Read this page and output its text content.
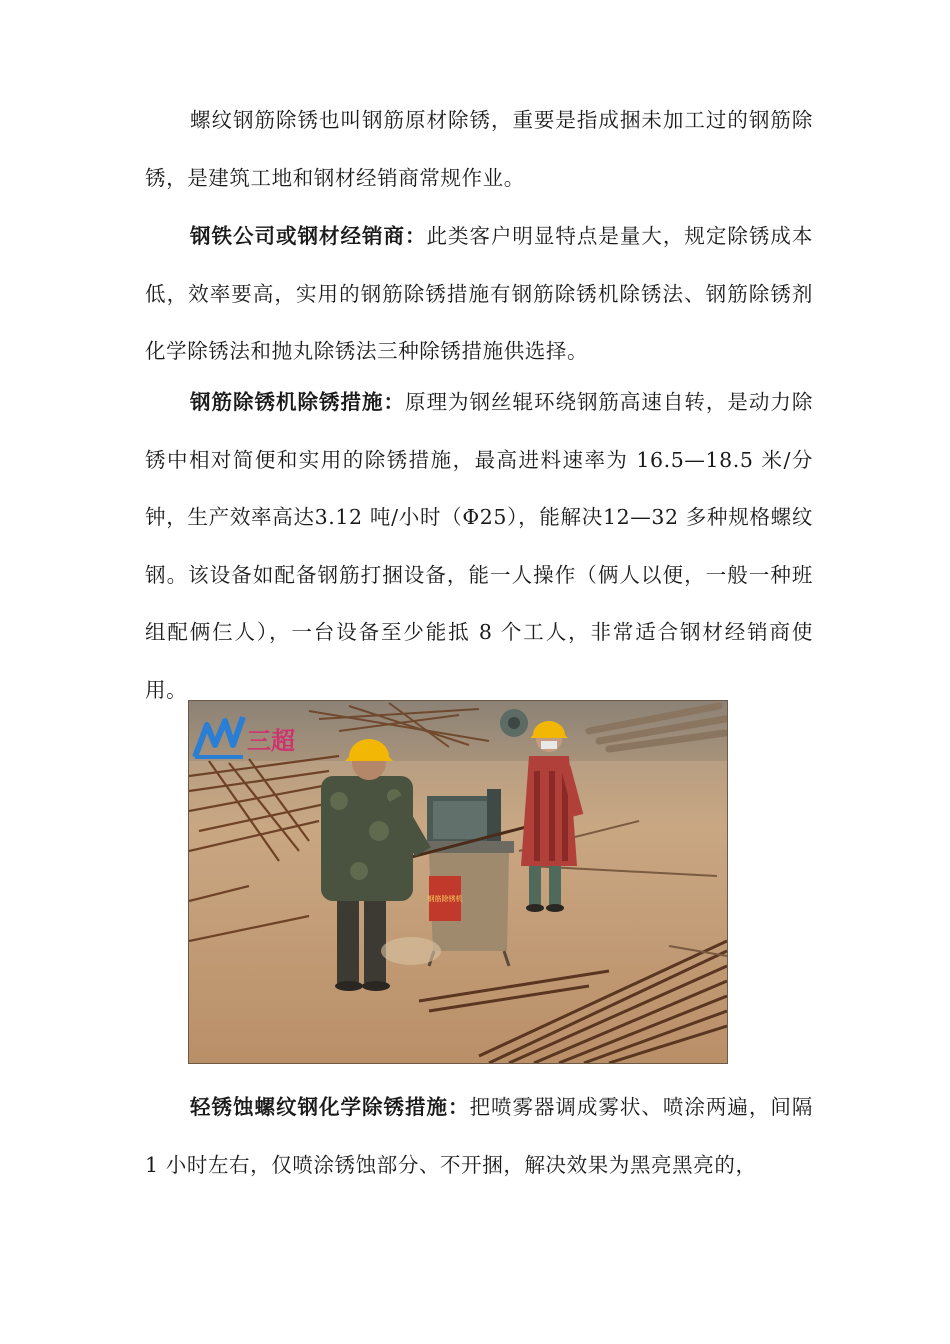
螺纹钢筋除锈也叫钢筋原材除锈，重要是指成捆未加工过的钢筋除锈，是建筑工地和钢材经销商常规作业。

钢铁公司或钢材经销商：此类客户明显特点是量大，规定除锈成本低，效率要高，实用的钢筋除锈措施有钢筋除锈机除锈法、钢筋除锈剂化学除锈法和抛丸除锈法三种除锈措施供选择。

钢筋除锈机除锈措施：原理为钢丝辊环绕钢筋高速自转，是动力除锈中相对简便和实用的除锈措施，最高进料速率为 16.5—18.5 米/分钟，生产效率高达3.12 吨/小时（Φ25），能解决12—32 多种规格螺纹钢。该设备如配备钢筋打捆设备，能一人操作（俩人以便，一般一种班组配俩仨人），一台设备至少能抵 8 个工人，非常适合钢材经销商使用。

钢筋除锈机
三超

轻锈蚀螺纹钢化学除锈措施：把喷雾器调成雾状、喷涂两遍，间隔 1 小时左右，仅喷涂锈蚀部分、不开捆，解决效果为黑亮黑亮的，
